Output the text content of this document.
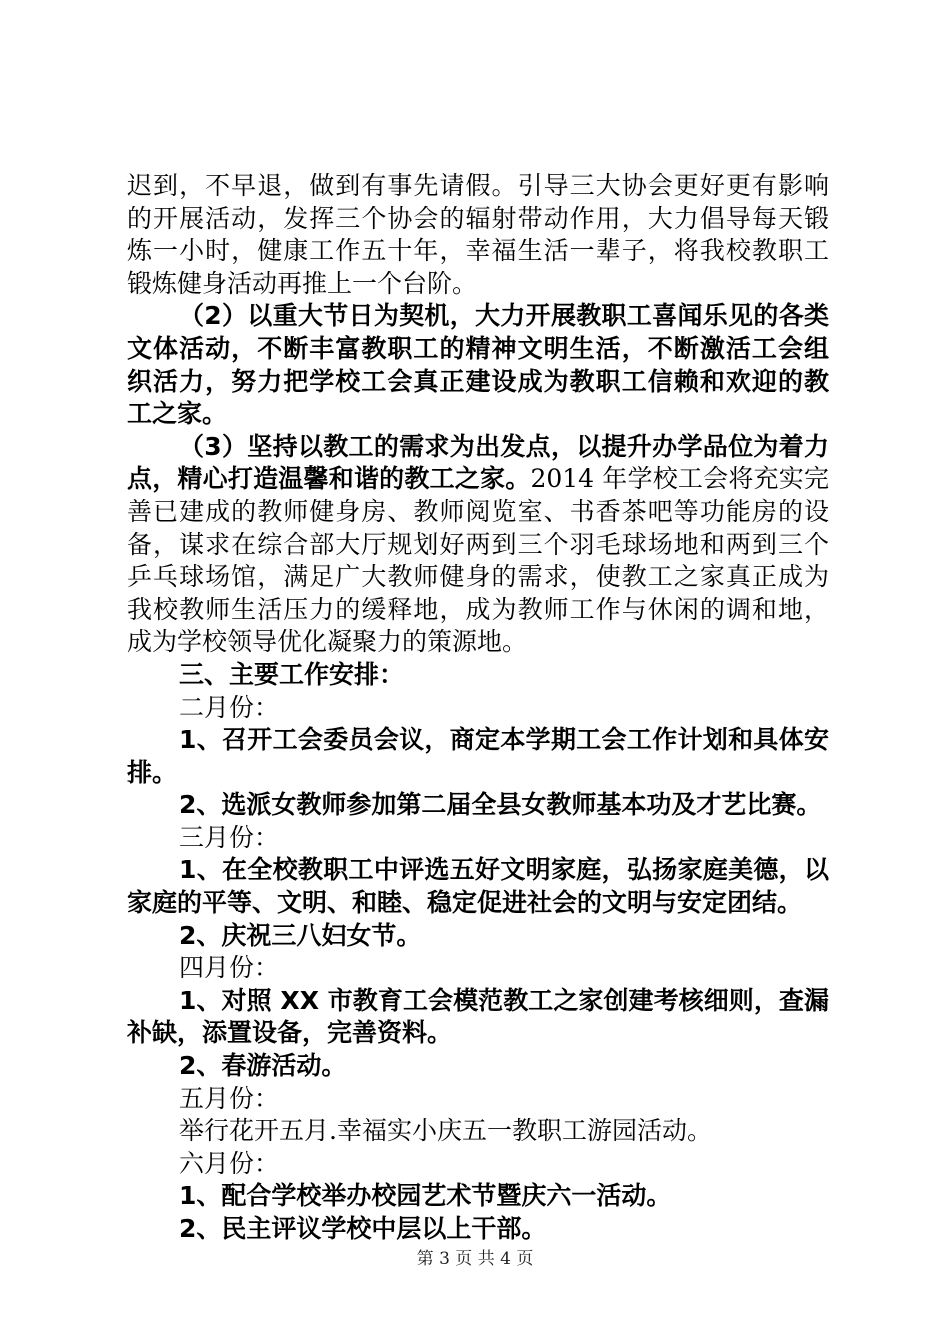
迟到，不早退，做到有事先请假。引导三大协会更好更有影响
的开展活动，发挥三个协会的辐射带动作用，大力倡导每天锻
炼一小时，健康工作五十年，幸福生活一辈子，将我校教职工
锻炼健身活动再推上一个台阶。
（2）以重大节日为契机，大力开展教职工喜闻乐见的各类
文体活动，不断丰富教职工的精神文明生活，不断激活工会组
织活力，努力把学校工会真正建设成为教职工信赖和欢迎的教
工之家。
（3）坚持以教工的需求为出发点，以提升办学品位为着力
点，精心打造温馨和谐的教工之家。2014 年学校工会将充实完
善已建成的教师健身房、教师阅览室、书香茶吧等功能房的设
备，谋求在综合部大厅规划好两到三个羽毛球场地和两到三个
乒乓球场馆，满足广大教师健身的需求，使教工之家真正成为
我校教师生活压力的缓释地，成为教师工作与休闲的调和地，
成为学校领导优化凝聚力的策源地。
三、主要工作安排：
二月份：
1、召开工会委员会议，商定本学期工会工作计划和具体安
排。
2、选派女教师参加第二届全县女教师基本功及才艺比赛。
三月份：
1、在全校教职工中评选五好文明家庭，弘扬家庭美德，以
家庭的平等、文明、和睦、稳定促进社会的文明与安定团结。
2、庆祝三八妇女节。
四月份：
1、对照 XX 市教育工会模范教工之家创建考核细则，查漏
补缺，添置设备，完善资料。
2、春游活动。
五月份：
举行花开五月.幸福实小庆五一教职工游园活动。
六月份：
1、配合学校举办校园艺术节暨庆六一活动。
2、民主评议学校中层以上干部。
第 3 页 共 4 页
